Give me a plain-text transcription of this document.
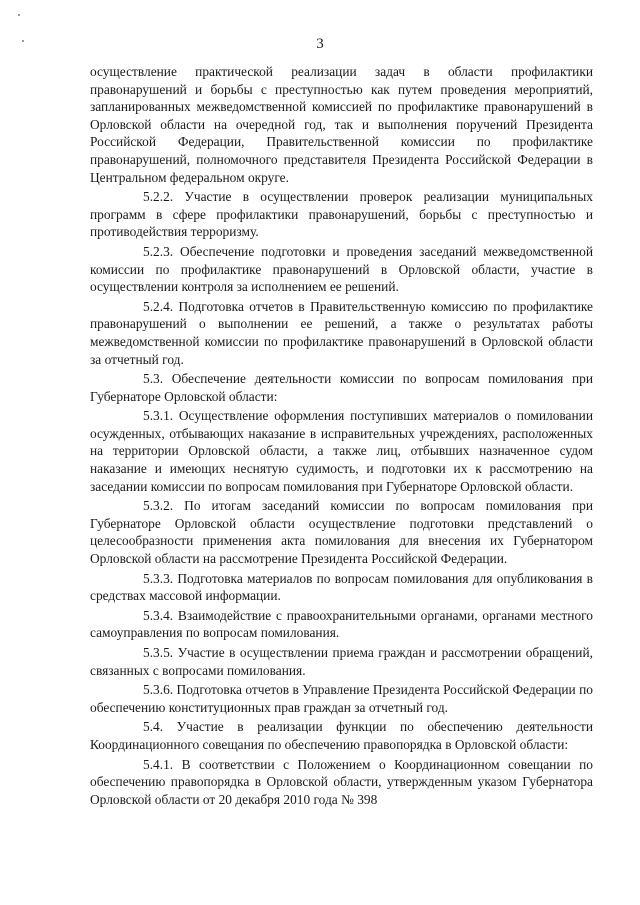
3

осуществление практической реализации задач в области профилактики правонарушений и борьбы с преступностью как путем проведения мероприятий, запланированных межведомственной комиссией по профилактике правонарушений в Орловской области на очередной год, так и выполнения поручений Президента Российской Федерации, Правительственной комиссии по профилактике правонарушений, полномочного представителя Президента Российской Федерации в Центральном федеральном округе.

5.2.2. Участие в осуществлении проверок реализации муниципальных программ в сфере профилактики правонарушений, борьбы с преступностью и противодействия терроризму.

5.2.3. Обеспечение подготовки и проведения заседаний межведомственной комиссии по профилактике правонарушений в Орловской области, участие в осуществлении контроля за исполнением ее решений.

5.2.4. Подготовка отчетов в Правительственную комиссию по профилактике правонарушений о выполнении ее решений, а также о результатах работы межведомственной комиссии по профилактике правонарушений в Орловской области за отчетный год.

5.3. Обеспечение деятельности комиссии по вопросам помилования при Губернаторе Орловской области:

5.3.1. Осуществление оформления поступивших материалов о помиловании осужденных, отбывающих наказание в исправительных учреждениях, расположенных на территории Орловской области, а также лиц, отбывших назначенное судом наказание и имеющих неснятую судимость, и подготовки их к рассмотрению на заседании комиссии по вопросам помилования при Губернаторе Орловской области.

5.3.2. По итогам заседаний комиссии по вопросам помилования при Губернаторе Орловской области осуществление подготовки представлений о целесообразности применения акта помилования для внесения их Губернатором Орловской области на рассмотрение Президента Российской Федерации.

5.3.3. Подготовка материалов по вопросам помилования для опубликования в средствах массовой информации.

5.3.4. Взаимодействие с правоохранительными органами, органами местного самоуправления по вопросам помилования.

5.3.5. Участие в осуществлении приема граждан и рассмотрении обращений, связанных с вопросами помилования.

5.3.6. Подготовка отчетов в Управление Президента Российской Федерации по обеспечению конституционных прав граждан за отчетный год.

5.4. Участие в реализации функции по обеспечению деятельности Координационного совещания по обеспечению правопорядка в Орловской области:

5.4.1. В соответствии с Положением о Координационном совещании по обеспечению правопорядка в Орловской области, утвержденным указом Губернатора Орловской области от 20 декабря 2010 года № 398
